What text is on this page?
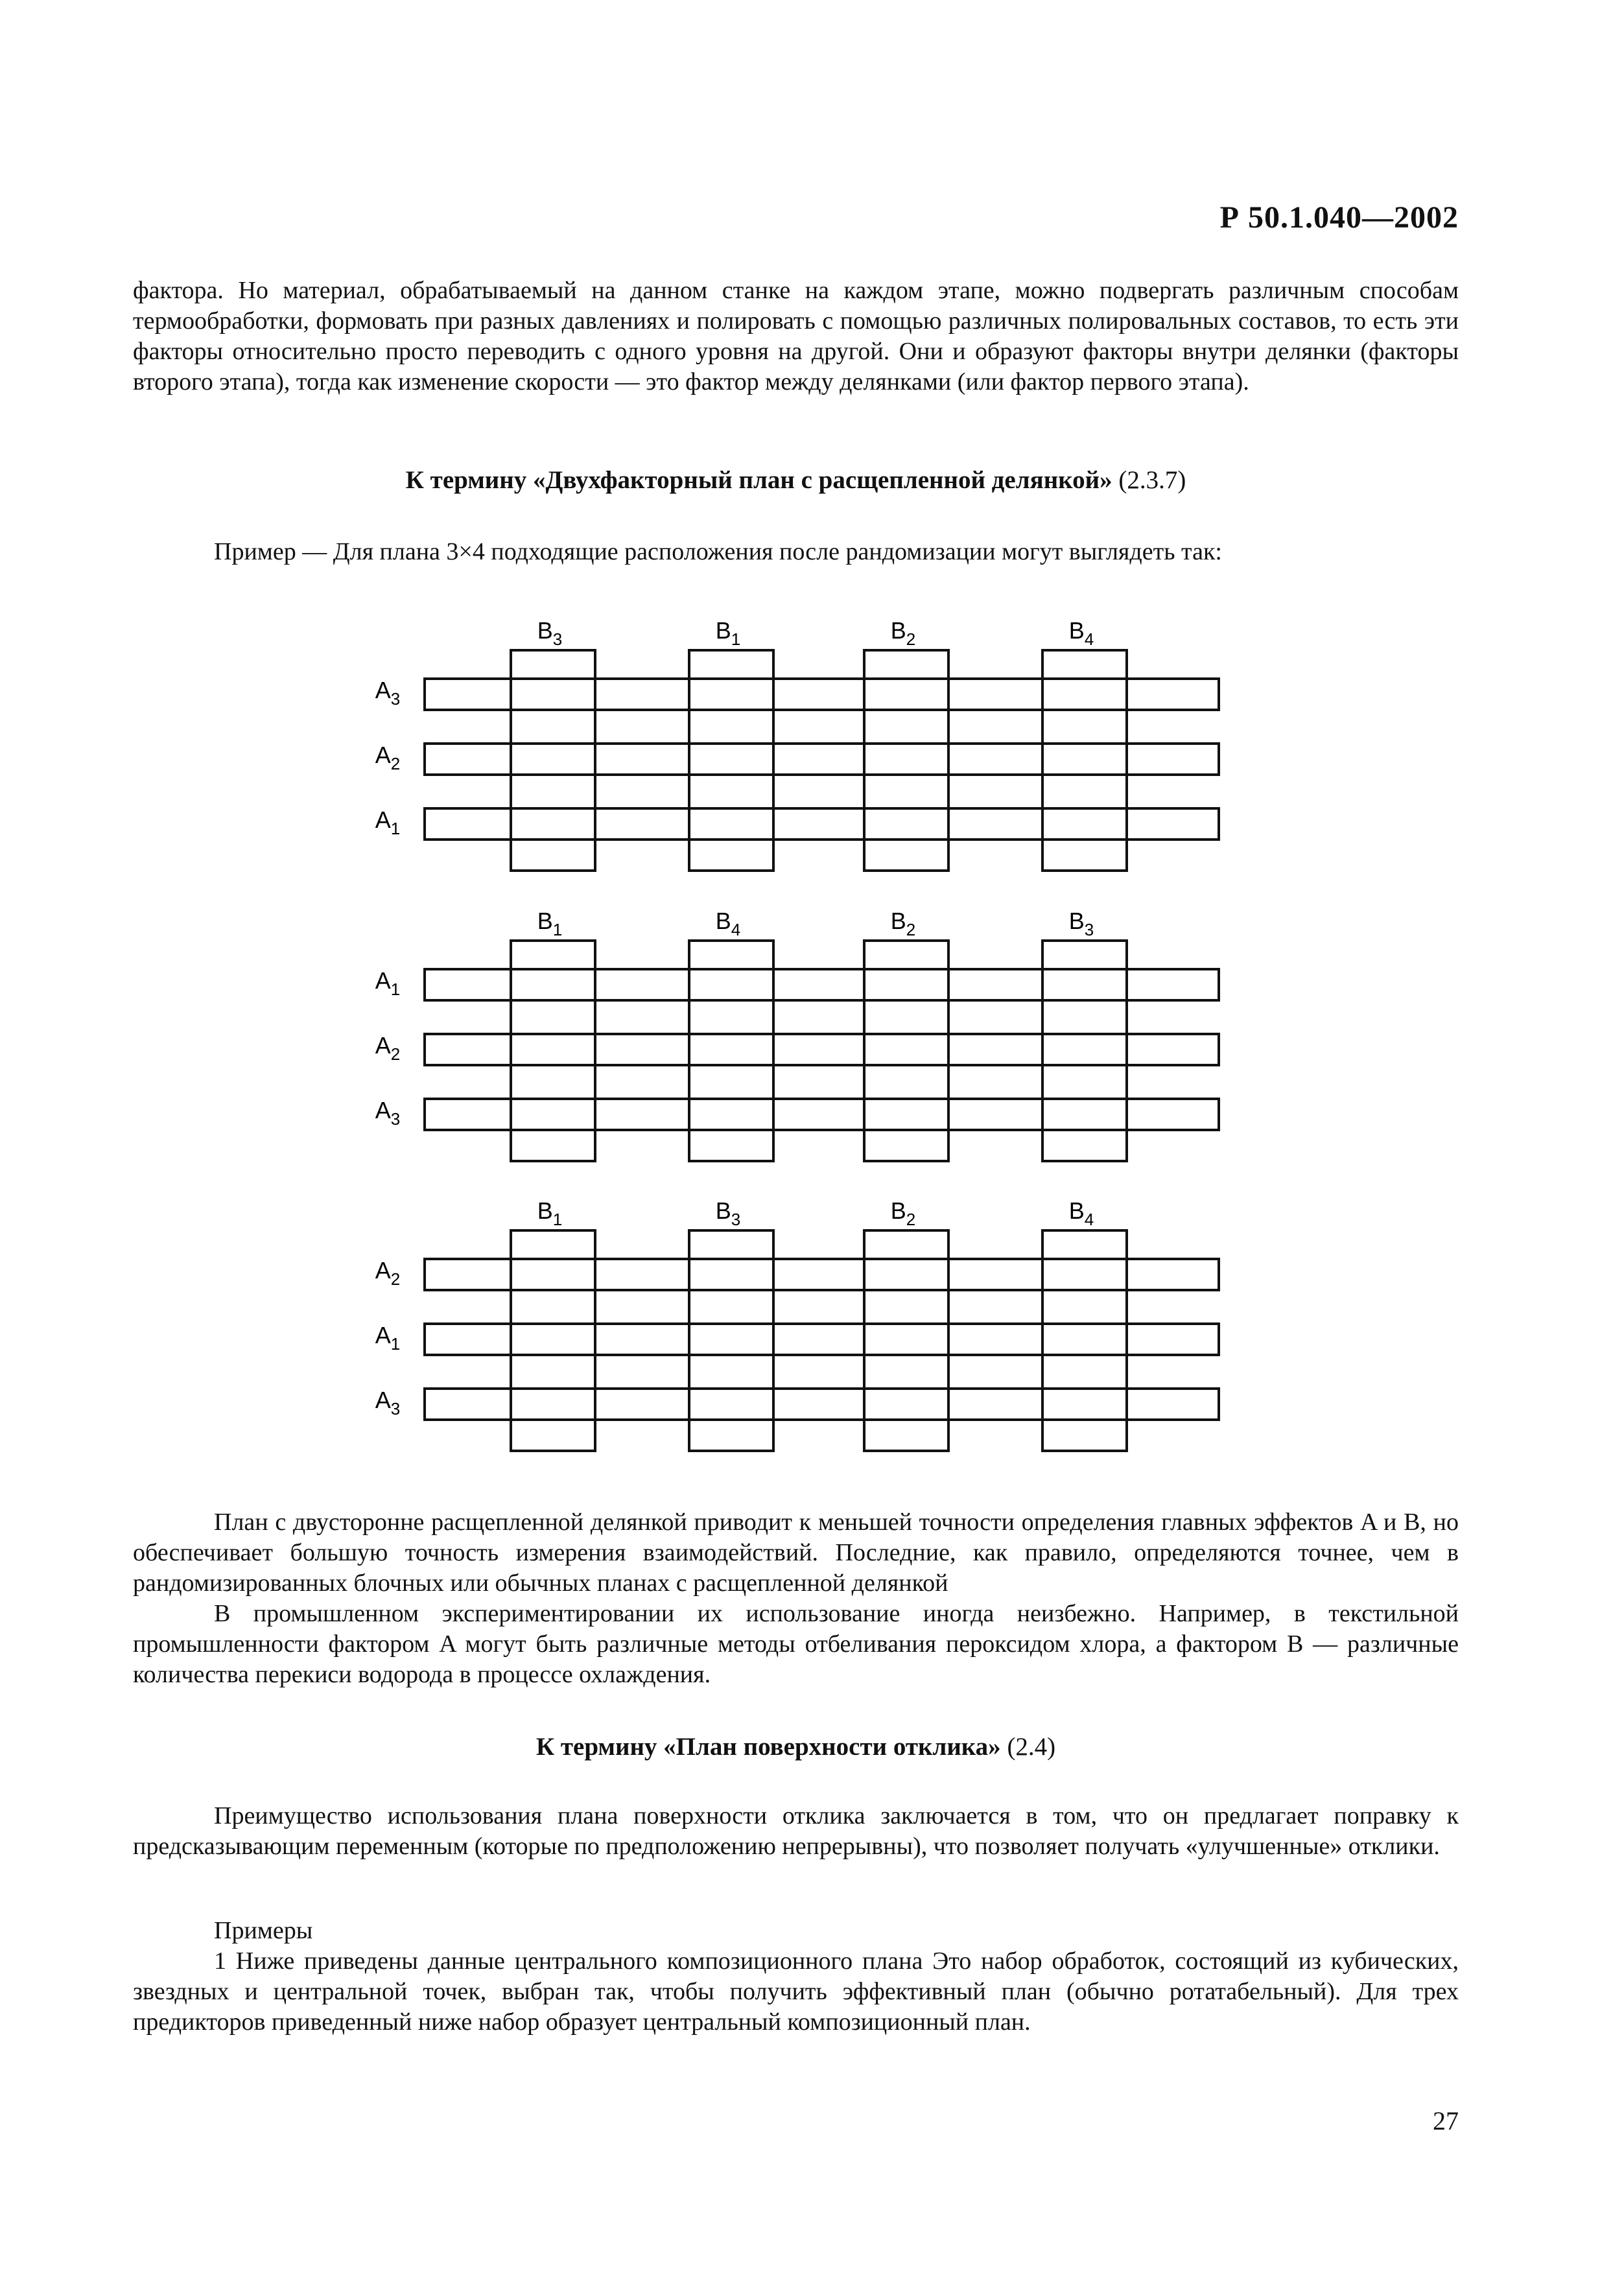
Р 50.1.040—2002

фактора. Но материал, обрабатываемый на данном станке на каждом этапе, можно подвергать различным способам термообработки, формовать при разных давлениях и полировать с помощью различных полировальных составов, то есть эти факторы относительно просто переводить с одного уровня на другой. Они и образуют факторы внутри делянки (факторы второго этапа), тогда как изменение скорости — это фактор между делянками (или фактор первого этапа).

К термину «Двухфакторный план с расщепленной делянкой» (2.3.7)
Пример — Для плана 3×4 подходящие расположения после рандомизации могут выглядеть так:
$B_3$	$B_1$	$B_2$	$B_4$
$A_3$
$A_2$
$A_1$
$B_1$	$B_4$	$B_2$	$B_3$
$A_1$
$A_2$
$A_3$
$B_1$	$B_3$	$B_2$	$B_4$
$A_2$
$A_1$
$A_3$

План с двусторонне расщепленной делянкой приводит к меньшей точности определения главных эффектов A и B, но обеспечивает большую точность измерения взаимодействий. Последние, как правило, определяются точнее, чем в рандомизированных блочных или обычных планах с расщепленной делянкой

В промышленном экспериментировании их использование иногда неизбежно. Например, в текстильной промышленности фактором A могут быть различные методы отбеливания пероксидом хлора, а фактором B — различные количества перекиси водорода в процессе охлаждения.

К термину «План поверхности отклика» (2.4)

Преимущество использования плана поверхности отклика заключается в том, что он предлагает поправку к предсказывающим переменным (которые по предположению непрерывны), что позволяет получать «улучшенные» отклики.

Примеры

1 Ниже приведены данные центрального композиционного плана Это набор обработок, состоящий из кубических, звездных и центральной точек, выбран так, чтобы получить эффективный план (обычно ротатабельный). Для трех предикторов приведенный ниже набор образует центральный композиционный план.

27
